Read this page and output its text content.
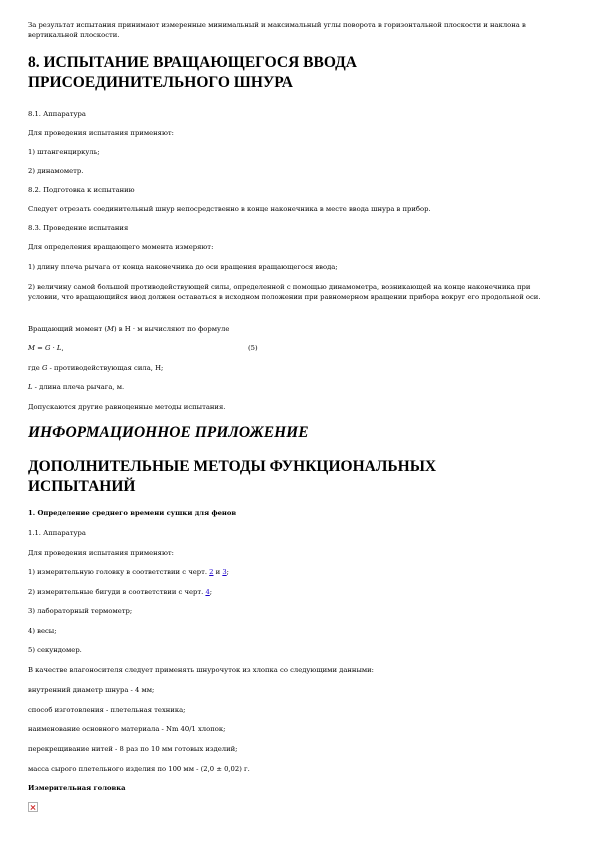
За результат испытания принимают измеренные минимальный и максимальный углы поворота в горизонтальной плоскости и наклона в вертикальной плоскости.

8. ИСПЫТАНИЕ ВРАЩАЮЩЕГОСЯ ВВОДА
ПРИСОЕДИНИТЕЛЬНОГО ШНУРА

8.1. Аппаратура

Для проведения испытания применяют:

1) штангенциркуль;

2) динамометр.

8.2. Подготовка к испытанию

Следует отрезать соединительный шнур непосредственно в конце наконечника в месте ввода шнура в прибор.

8.3. Проведение испытания

Для определения вращающего момента измеряют:

1) длину плеча рычага от конца наконечника до оси вращения вращающегося ввода;

2) величину самой большой противодействующей силы, определенной с помощью динамометра, возникающей на конце наконечника при условии, что вращающийся ввод должен оставаться в исходном положении при равномерном вращении прибора вокруг его продольной оси.

Вращающий момент (M) в Н · м вычисляют по формуле

M = G · L,	(5)

где G - противодействующая сила, Н;

L - длина плеча рычага, м.

Допускаются другие равноценные методы испытания.

ИНФОРМАЦИОННОЕ ПРИЛОЖЕНИЕ
ДОПОЛНИТЕЛЬНЫЕ МЕТОДЫ ФУНКЦИОНАЛЬНЫХ
ИСПЫТАНИЙ

1. Определение среднего времени сушки для фенов

1.1. Аппаратура

Для проведения испытания применяют:

1) измерительную головку в соответствии с черт. 2 и 3;

2) измерительные бигуди в соответствии с черт. 4;

3) лабораторный термометр;

4) весы;

5) секундомер.

В качестве влагоносителя следует применять шнурочуток из хлопка со следующими данными:

внутренний диаметр шнура - 4 мм;

способ изготовления - плетельная техника;

наименование основного материала - Nm 40/1 хлопок;

перекрещивание нитей - 8 раз по 10 мм готовых изделий;

масса сырого плетельного изделия по 100 мм - (2,0 ± 0,02) г.

Измерительная головка
